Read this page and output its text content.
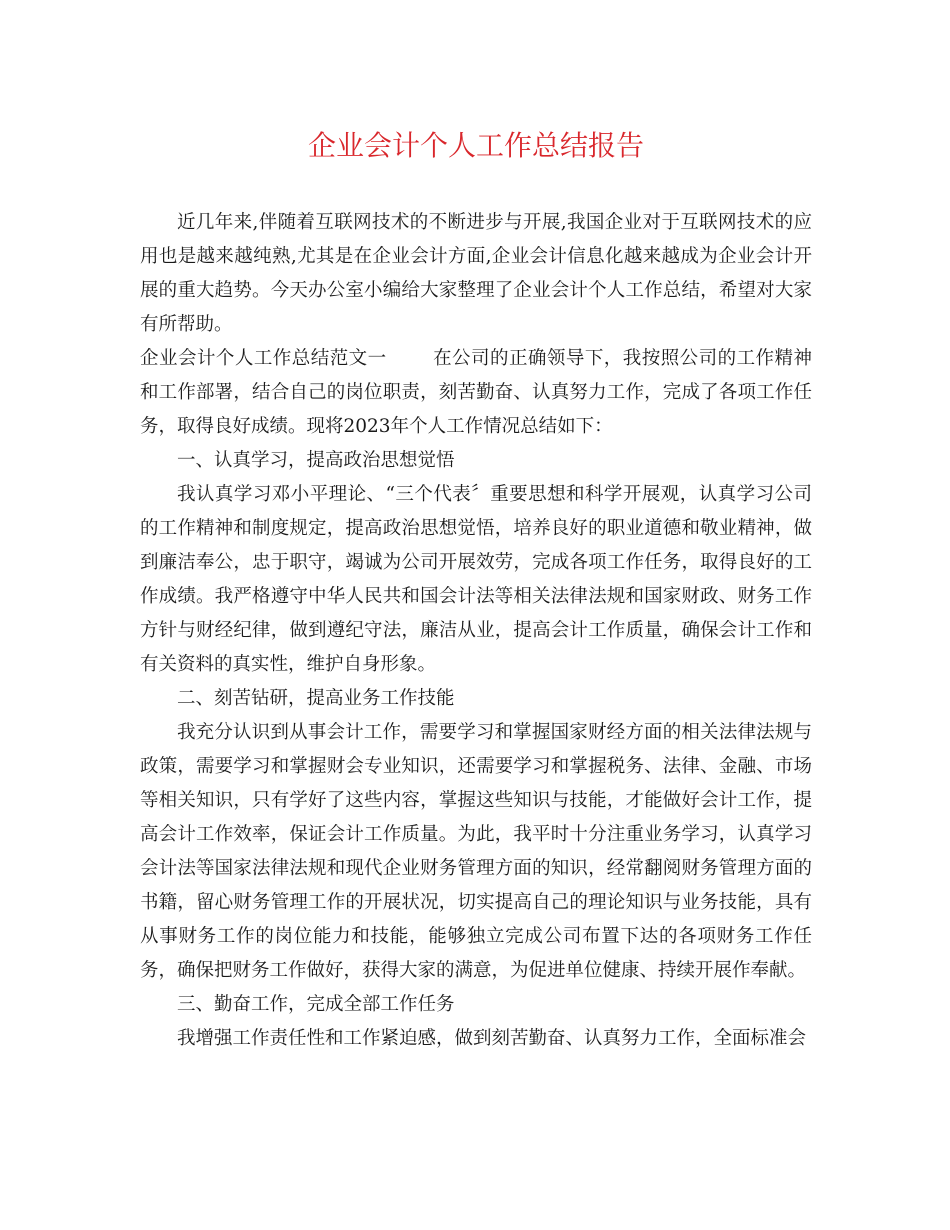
企业会计个人工作总结报告

近几年来,伴随着互联网技术的不断进步与开展,我国企业对于互联网技术的应用也是越来越纯熟,尤其是在企业会计方面,企业会计信息化越来越成为企业会计开展的重大趋势。今天办公室小编给大家整理了企业会计个人工作总结，希望对大家有所帮助。

企业会计个人工作总结范文一 在公司的正确领导下，我按照公司的工作精神和工作部署，结合自己的岗位职责，刻苦勤奋、认真努力工作，完成了各项工作任务，取得良好成绩。现将2023年个人工作情况总结如下：

一、认真学习，提高政治思想觉悟

我认真学习邓小平理论、“三个代表〞重要思想和科学开展观，认真学习公司的工作精神和制度规定，提高政治思想觉悟，培养良好的职业道德和敬业精神，做到廉洁奉公，忠于职守，竭诚为公司开展效劳，完成各项工作任务，取得良好的工作成绩。我严格遵守中华人民共和国会计法等相关法律法规和国家财政、财务工作方针与财经纪律，做到遵纪守法，廉洁从业，提高会计工作质量，确保会计工作和有关资料的真实性，维护自身形象。

二、刻苦钻研，提高业务工作技能

我充分认识到从事会计工作，需要学习和掌握国家财经方面的相关法律法规与政策，需要学习和掌握财会专业知识，还需要学习和掌握税务、法律、金融、市场等相关知识，只有学好了这些内容，掌握这些知识与技能，才能做好会计工作，提高会计工作效率，保证会计工作质量。为此，我平时十分注重业务学习，认真学习会计法等国家法律法规和现代企业财务管理方面的知识，经常翻阅财务管理方面的书籍，留心财务管理工作的开展状况，切实提高自己的理论知识与业务技能，具有从事财务工作的岗位能力和技能，能够独立完成公司布置下达的各项财务工作任务，确保把财务工作做好，获得大家的满意，为促进单位健康、持续开展作奉献。

三、勤奋工作，完成全部工作任务

我增强工作责任性和工作紧迫感，做到刻苦勤奋、认真努力工作，全面标准会
